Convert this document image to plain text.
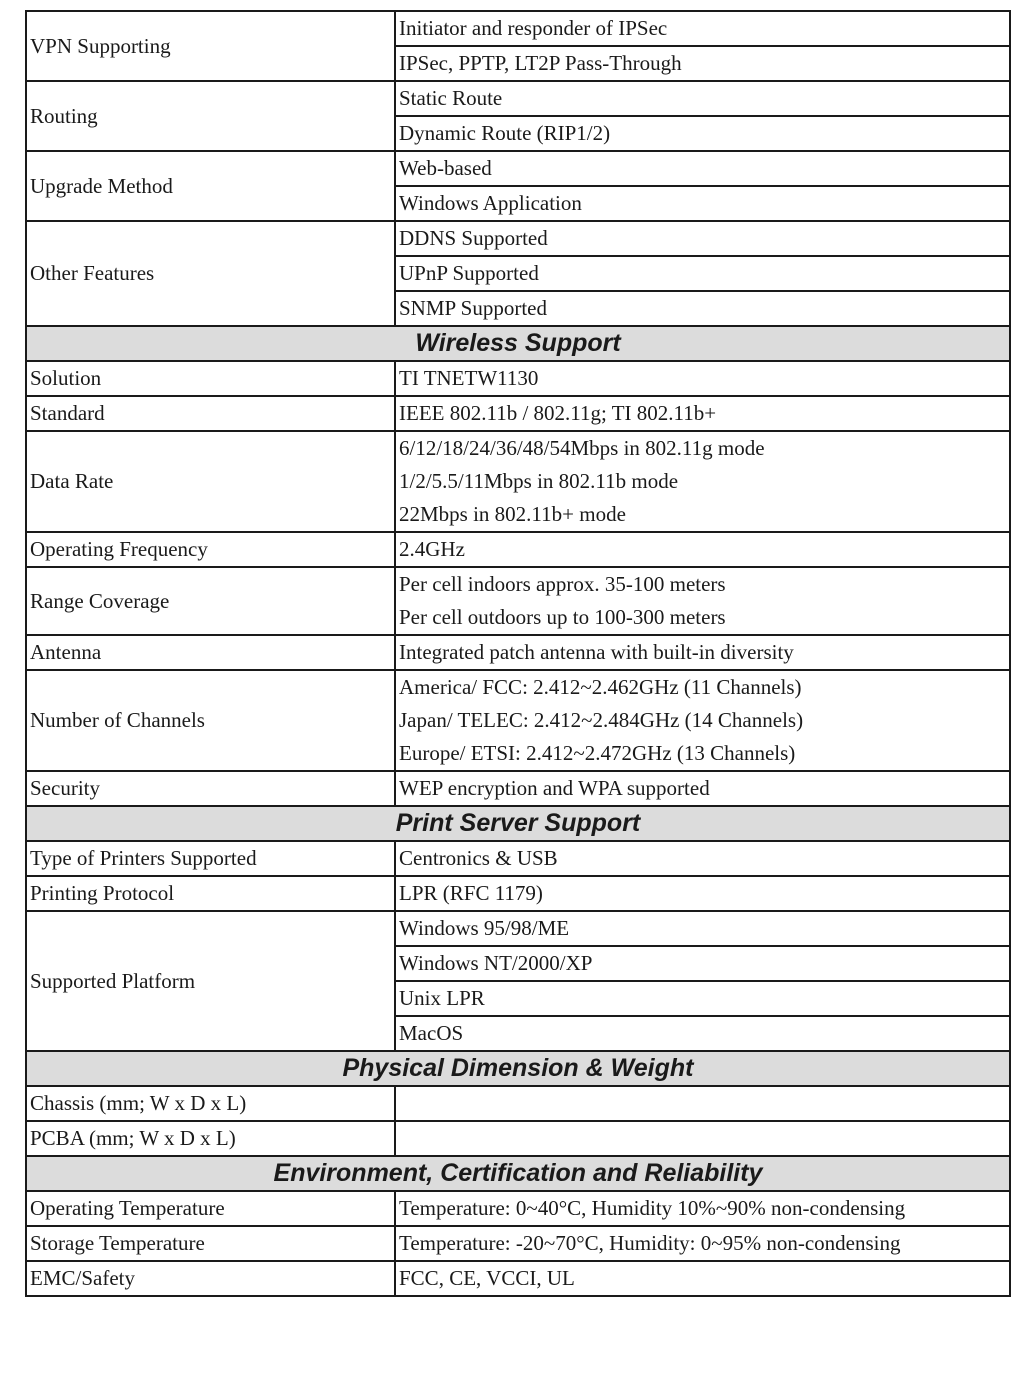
VPN Supporting	Initiator and responder of IPSec
	IPSec, PPTP, LT2P Pass-Through
Routing	Static Route
	Dynamic Route (RIP1/2)
Upgrade Method	Web-based
	Windows Application
Other Features	DDNS Supported
	UPnP Supported
	SNMP Supported
Wireless Support	
Solution	TI TNETW1130
Standard	IEEE 802.11b / 802.11g; TI 802.11b+
Data Rate	6/12/18/24/36/48/54Mbps in 802.11g mode
	1/2/5.5/11Mbps in 802.11b mode
	22Mbps in 802.11b+ mode
Operating Frequency	2.4GHz
Range Coverage	Per cell indoors approx. 35-100 meters
	Per cell outdoors up to 100-300 meters
Antenna	Integrated patch antenna with built-in diversity
Number of Channels	America/ FCC: 2.412~2.462GHz (11 Channels)
	Japan/ TELEC: 2.412~2.484GHz (14 Channels)
	Europe/ ETSI: 2.412~2.472GHz (13 Channels)
Security	WEP encryption and WPA supported
Print Server Support	
Type of Printers Supported	Centronics & USB
Printing Protocol	LPR (RFC 1179)
Supported Platform	Windows 95/98/ME
	Windows NT/2000/XP
	Unix LPR
	MacOS
Physical Dimension & Weight	
Chassis (mm; W x D x L)	
PCBA (mm; W x D x L)	
Environment, Certification and Reliability	
Operating Temperature	Temperature: 0~40°C, Humidity 10%~90% non-condensing
Storage Temperature	Temperature: -20~70°C, Humidity: 0~95% non-condensing
EMC/Safety	FCC, CE, VCCI, UL
